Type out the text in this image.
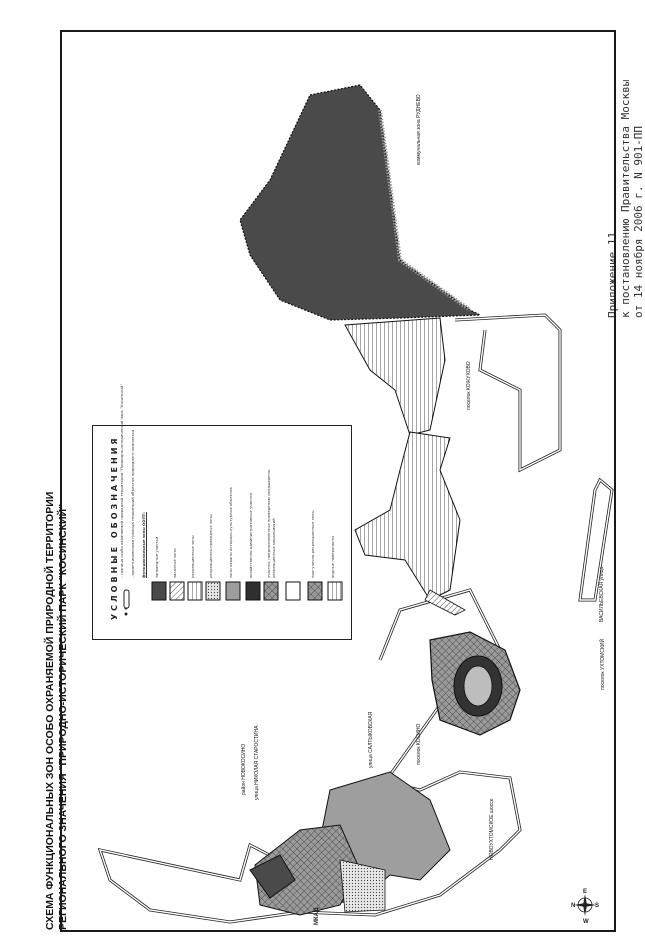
Приложение 11 к постановлению Правительства Москвы от 14 ноября 2006 г. N 901-ПП
СХЕМА ФУНКЦИОНАЛЬНЫХ ЗОН ОСОБО ОХРАНЯЕМОЙ ПРИРОДНОЙ ТЕРРИТОРИИ РЕГИОНАЛЬНОГО ЗНАЧЕНИЯ "ПРИРОДНО-ИСТОРИЧЕСКИЙ ПАРК "КОСИНСКИЙ"	МКАД
район НОВОКОСИНО улица НИКОЛАЯ СТАРОСТИНА	улица САЛТЫКОВСКАЯ	поселок КОСИНО
НОВОУХТОМСКОЕ шоссе
поселок КОЖУХОВО
поселок УХТОМСКИЙ
ВАСИЛЬЕВСКАЯ улица
коммунальная зона РУДНЕВО
N	S
E
W
УСЛОВНЫЕ ОБОЗНАЧЕНИЯ - граница особо охраняемой природной территории "Природно-исторический парк "Косинский" - ориентировочная граница территорий объектов природного комплекса функциональные зоны ООПТ: заповедные участки	заказные зоны	рекреационные зоны	рекреационно-природные зоны	зоны охраны историко-культурных объектов	хозяйственно-административные участки	участки, предназначенные проведению ландшафтно-рекреационных мероприятий	прогулочно-рекреационные зоны	водные поверхности
